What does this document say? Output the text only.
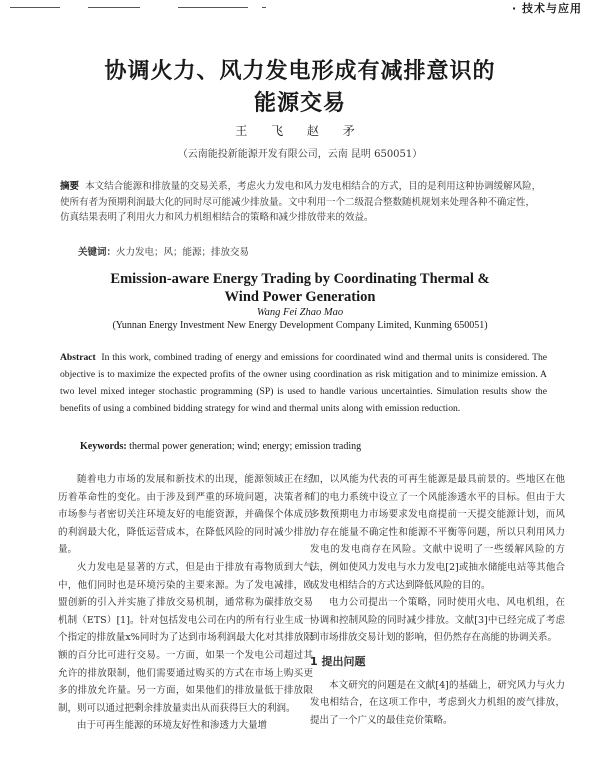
· 技术与应用
协调火力、风力发电形成有减排意识的
能源交易
王 飞 赵 矛
（云南能投新能源开发有限公司，云南 昆明 650051）
摘要 本文结合能源和排放量的交易关系，考虑火力发电和风力发电相结合的方式，目的是利用这种协调缓解风险，使所有者为预期利润最大化的同时尽可能减少排放量。文中利用一个二级混合整数随机规划来处理各种不确定性，仿真结果表明了利用火力和风力机组相结合的策略和减少排放带来的效益。
关键词：火力发电；风；能源；排放交易
Emission-aware Energy Trading by Coordinating Thermal &
Wind Power Generation
Wang Fei Zhao Mao
(Yunnan Energy Investment New Energy Development Company Limited, Kunming 650051)
Abstract In this work, combined trading of energy and emissions for coordinated wind and thermal units is considered. The objective is to maximize the expected profits of the owner using coordination as risk mitigation and to minimize emission. A two level mixed integer stochastic programming (SP) is used to handle various uncertainties. Simulation results show the benefits of using a combined bidding strategy for wind and thermal units along with emission reduction.
Keywords: thermal power generation; wind; energy; emission trading

随着电力市场的发展和新技术的出现，能源领域正在经历着革命性的变化。由于涉及到严重的环境问题，决策者和市场参与者密切关注环境友好的电能资源，并确保个体成员的利润最大化，降低运营成本，在降低风险的同时减少排放量。

火力发电是显著的方式，但是由于排放有毒物质到大气中，他们同时也是环境污染的主要来源。为了发电减排，欧盟创新的引入并实施了排放交易机制，通常称为碳排放交易机制（ETS）[1]。针对包括发电公司在内的所有行业生成一个指定的排放量x%同时为了达到市场利润最大化对其排放限额的百分比可进行交易。一方面，如果一个发电公司超过其允许的排放限制，他们需要通过购买的方式在市场上购买更多的排放允许量。另一方面，如果他们的排放量低于排放限制，则可以通过把剩余排放量卖出从而获得巨大的利润。

由于可再生能源的环境友好性和渗透力大量增

加，以风能为代表的可再生能源是最具前景的。些地区在他们的电力系统中设立了一个风能渗透水平的目标。但由于大多数预期电力市场要求发电商提前一天提交能源计划，而风力存在能量不确定性和能源不平衡等问题，所以只利用风力发电的发电商存在风险。文献中说明了一些缓解风险的方法，例如使风力发电与水力发电[2]或抽水储能电站等其他合成发电相结合的方式达到降低风险的目的。

电力公司提出一个策略，同时使用火电、风电机组，在协调和控制风险的同时减少排放。文献[3]中已经完成了考虑到市场排放交易计划的影响，但仍然存在高能的协调关系。

1 提出问题

本文研究的问题是在文献[4]的基础上，研究风力与火力发电相结合，在这项工作中，考虑到火力机组的废气排放，提出了一个广义的最佳竞价策略。
